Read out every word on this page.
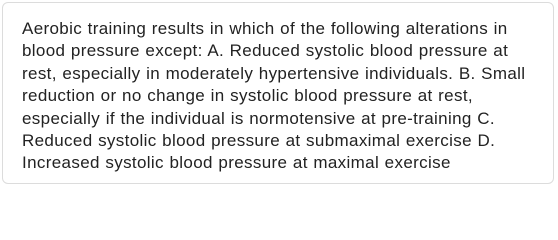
Aerobic training results in which of the following alterations in blood pressure except: A. Reduced systolic blood pressure at rest, especially in moderately hypertensive individuals. B. Small reduction or no change in systolic blood pressure at rest, especially if the individual is normotensive at pre-training C. Reduced systolic blood pressure at submaximal exercise D. Increased systolic blood pressure at maximal exercise
